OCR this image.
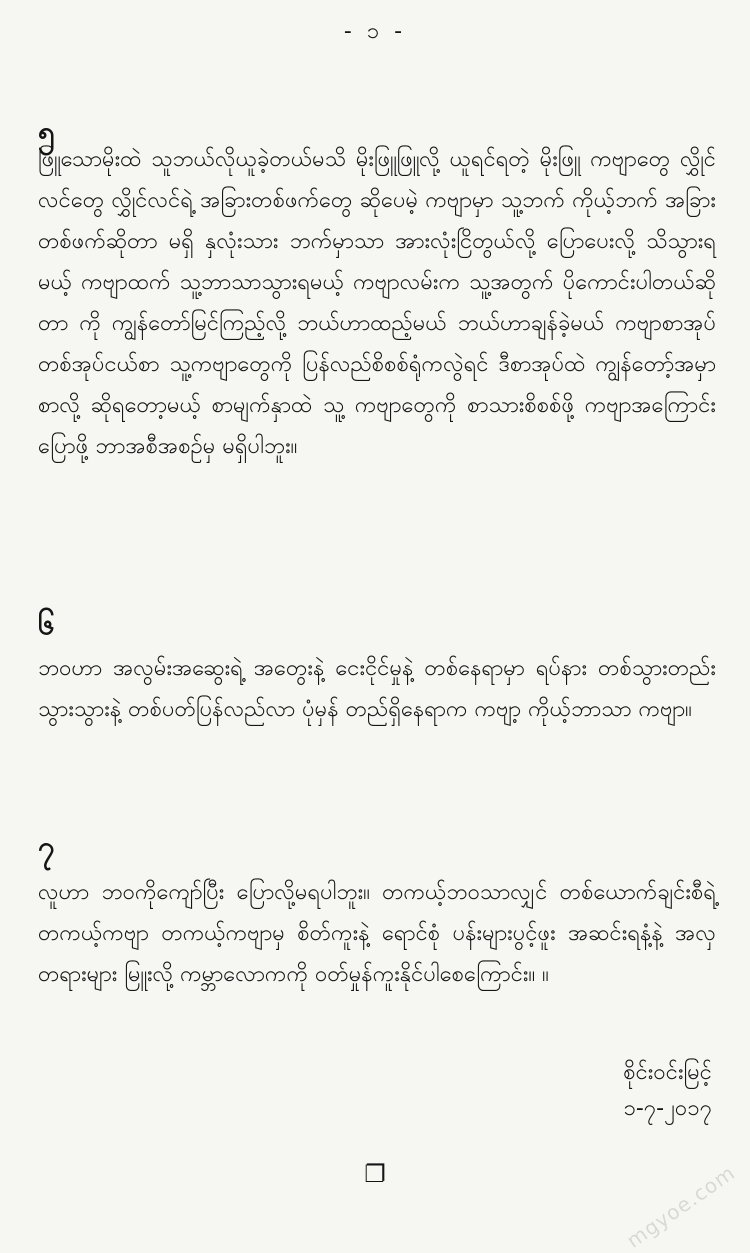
- ၁ -
၅

ဖြူသောမိုးထဲ သူဘယ်လိုယူခဲ့တယ်မသိ မိုးဖြူဖြူလို့ ယူရင်ရတဲ့ မိုးဖြူ ကဗျာတွေ လွှိုင်လင်တွေ လွှိုင်လင်ရဲ့ အခြားတစ်ဖက်တွေ ဆိုပေမဲ့ ကဗျာမှာ သူ့ဘက် ကိုယ့်ဘက် အခြားတစ်ဖက်ဆိုတာ မရှိ နှလုံးသား ဘက်မှာသာ အားလုံးငြိတွယ်လို့ ပြောပေးလို့ သိသွားရမယ့် ကဗျာထက် သူ့ဘာသာသွားရမယ့် ကဗျာလမ်းက သူ့အတွက် ပိုကောင်းပါတယ်ဆိုတာ ကို ကျွန်တော်မြင်ကြည့်လို့ ဘယ်ဟာထည့်မယ် ဘယ်ဟာချန်ခဲ့မယ် ကဗျာစာအုပ်တစ်အုပ်ငယ်စာ သူ့ကဗျာတွေကို ပြန်လည်စိစစ်ရုံကလွဲရင် ဒီစာအုပ်ထဲ ကျွန်တော့်အမှာစာလို့ ဆိုရတော့မယ့် စာမျက်နှာထဲ သူ့ ကဗျာတွေကို စာသားစိစစ်ဖို့ ကဗျာအကြောင်းပြောဖို့ ဘာအစီအစဉ်မှ မရှိပါဘူး။

၆

ဘဝဟာ အလွမ်းအဆွေးရဲ့ အတွေးနဲ့ ငေးငိုင်မှုနဲ့ တစ်နေရာမှာ ရပ်နား တစ်သွားတည်းသွားသွားနဲ့ တစ်ပတ်ပြန်လည်လာ ပုံမှန် တည်ရှိနေရာက ကဗျာ့ ကိုယ့်ဘာသာ ကဗျာ။

၇

လူဟာ ဘဝကိုကျော်ပြီး ပြောလို့မရပါဘူး။ တကယ့်ဘဝသာလျှင် တစ်ယောက်ချင်းစီရဲ့ တကယ့်ကဗျာ တကယ့်ကဗျာမှ စိတ်ကူးနဲ့ ရောင်စုံ ပန်းများပွင့်ဖူး အဆင်းရနံ့နဲ့ အလှတရားများ မြူးလို့ ကမ္ဘာလောကကို ဝတ်မှုန်ကူးနိုင်ပါစေကြောင်း။ ။

စိုင်းဝင်းမြင့်
၁-၇-၂၀၁၇
❐	mgyoe.com
